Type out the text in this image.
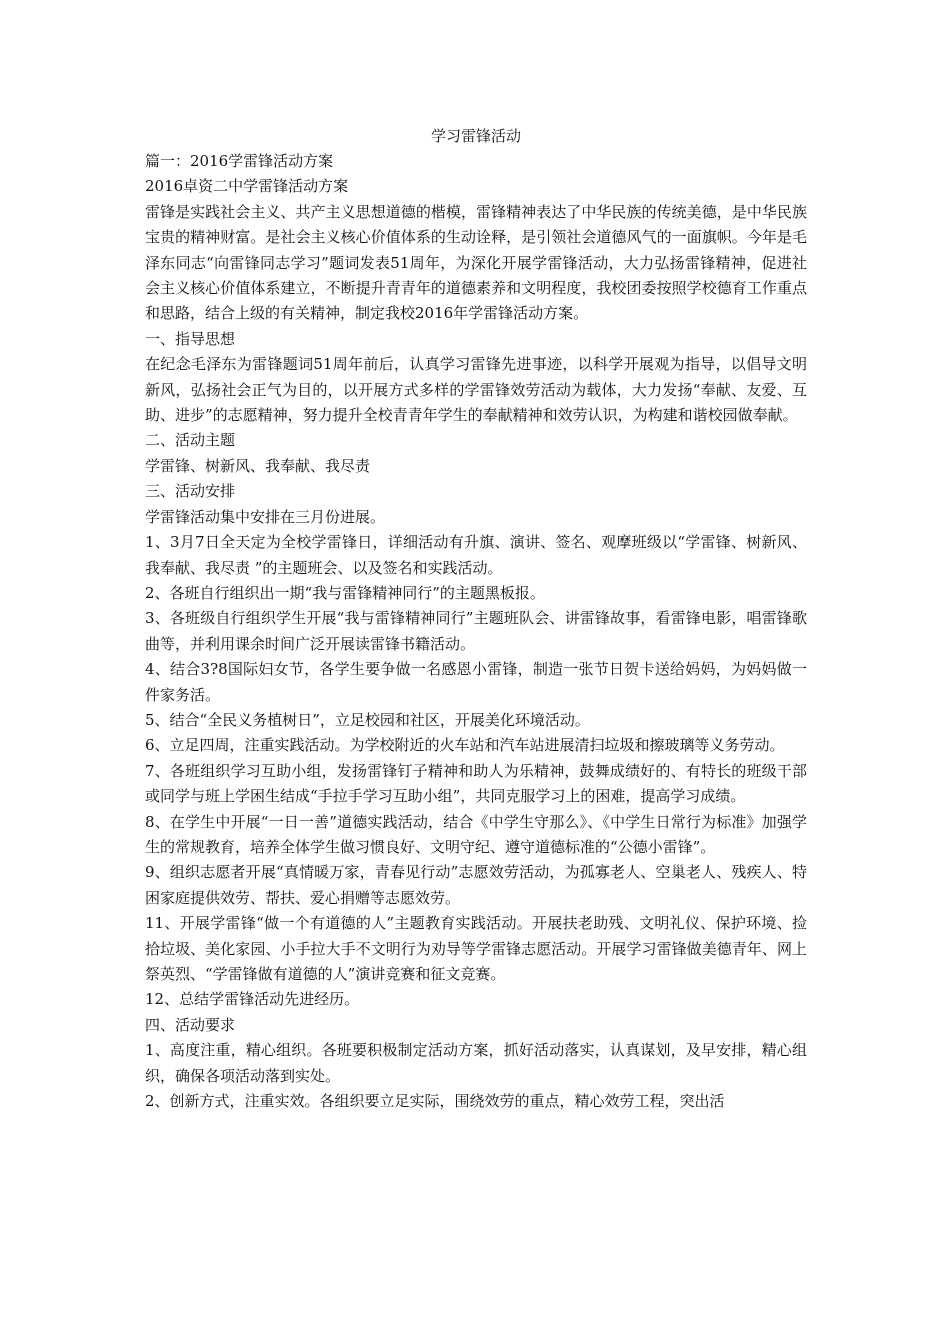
学习雷锋活动

篇一：2016学雷锋活动方案

2016卓资二中学雷锋活动方案

雷锋是实践社会主义、共产主义思想道德的楷模，雷锋精神表达了中华民族的传统美德，是中华民族宝贵的精神财富。是社会主义核心价值体系的生动诠释，是引领社会道德风气的一面旗帜。今年是毛泽东同志“向雷锋同志学习”题词发表51周年，为深化开展学雷锋活动，大力弘扬雷锋精神，促进社会主义核心价值体系建立，不断提升青青年的道德素养和文明程度，我校团委按照学校德育工作重点和思路，结合上级的有关精神，制定我校2016年学雷锋活动方案。

一、指导思想

在纪念毛泽东为雷锋题词51周年前后，认真学习雷锋先进事迹，以科学开展观为指导，以倡导文明新风，弘扬社会正气为目的，以开展方式多样的学雷锋效劳活动为载体，大力发扬“奉献、友爱、互助、进步”的志愿精神，努力提升全校青青年学生的奉献精神和效劳认识，为构建和谐校园做奉献。

二、活动主题

学雷锋、树新风、我奉献、我尽责

三、活动安排

学雷锋活动集中安排在三月份进展。

1、3月7日全天定为全校学雷锋日，详细活动有升旗、演讲、签名、观摩班级以“学雷锋、树新风、我奉献、我尽责 ”的主题班会、以及签名和实践活动。

2、各班自行组织出一期“我与雷锋精神同行”的主题黑板报。

3、各班级自行组织学生开展“我与雷锋精神同行”主题班队会、讲雷锋故事，看雷锋电影，唱雷锋歌曲等，并利用课余时间广泛开展读雷锋书籍活动。

4、结合3?8国际妇女节，各学生要争做一名感恩小雷锋，制造一张节日贺卡送给妈妈，为妈妈做一件家务活。

5、结合“全民义务植树日”，立足校园和社区，开展美化环境活动。

6、立足四周，注重实践活动。为学校附近的火车站和汽车站进展清扫垃圾和擦玻璃等义务劳动。

7、各班组织学习互助小组，发扬雷锋钉子精神和助人为乐精神，鼓舞成绩好的、有特长的班级干部或同学与班上学困生结成“手拉手学习互助小组”，共同克服学习上的困难，提高学习成绩。

8、在学生中开展“一日一善”道德实践活动，结合《中学生守那么》、《中学生日常行为标准》加强学生的常规教育，培养全体学生做习惯良好、文明守纪、遵守道德标准的“公德小雷锋”。

9、组织志愿者开展“真情暖万家，青春见行动”志愿效劳活动，为孤寡老人、空巢老人、残疾人、特困家庭提供效劳、帮扶、爱心捐赠等志愿效劳。

11、开展学雷锋“做一个有道德的人”主题教育实践活动。开展扶老助残、文明礼仪、保护环境、捡拾垃圾、美化家园、小手拉大手不文明行为劝导等学雷锋志愿活动。开展学习雷锋做美德青年、网上祭英烈、“学雷锋做有道德的人”演讲竞赛和征文竞赛。

12、总结学雷锋活动先进经历。

四、活动要求

1、高度注重，精心组织。各班要积极制定活动方案，抓好活动落实，认真谋划，及早安排，精心组织，确保各项活动落到实处。

2、创新方式，注重实效。各组织要立足实际，围绕效劳的重点，精心效劳工程，突出活
